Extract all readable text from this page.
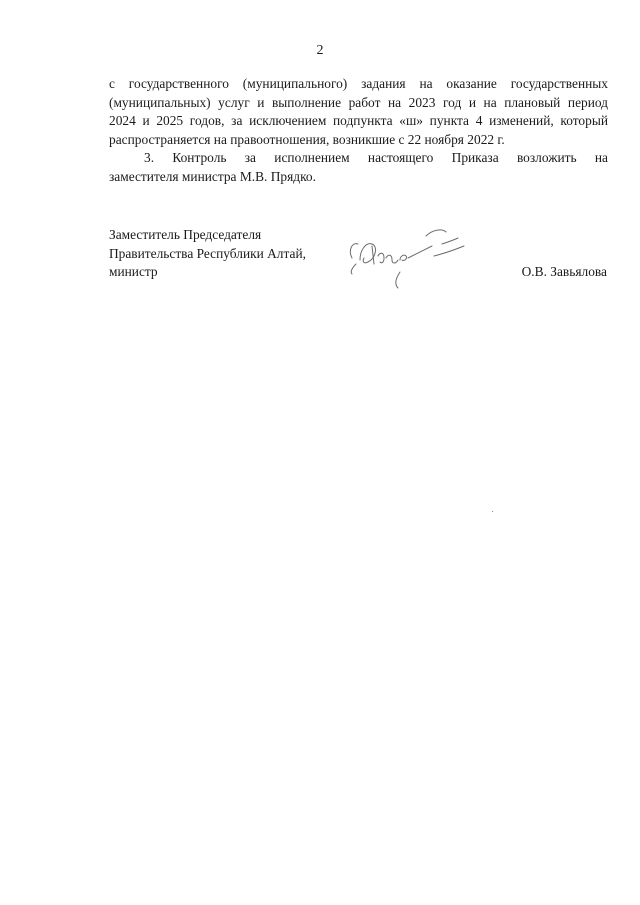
2

с государственного (муниципального) задания на оказание государственных
(муниципальных) услуг и выполнение работ на 2023 год и на плановый период
2024 и 2025 годов, за исключением подпункта «ш» пункта 4 изменений, который
распространяется на правоотношения, возникшие с 22 ноября 2022 г.

3. Контроль за исполнением настоящего Приказа возложить на
заместителя министра М.В. Прядко.

Заместитель Председателя
Правительства Республики Алтай,
министр	О.В. Завьялова
